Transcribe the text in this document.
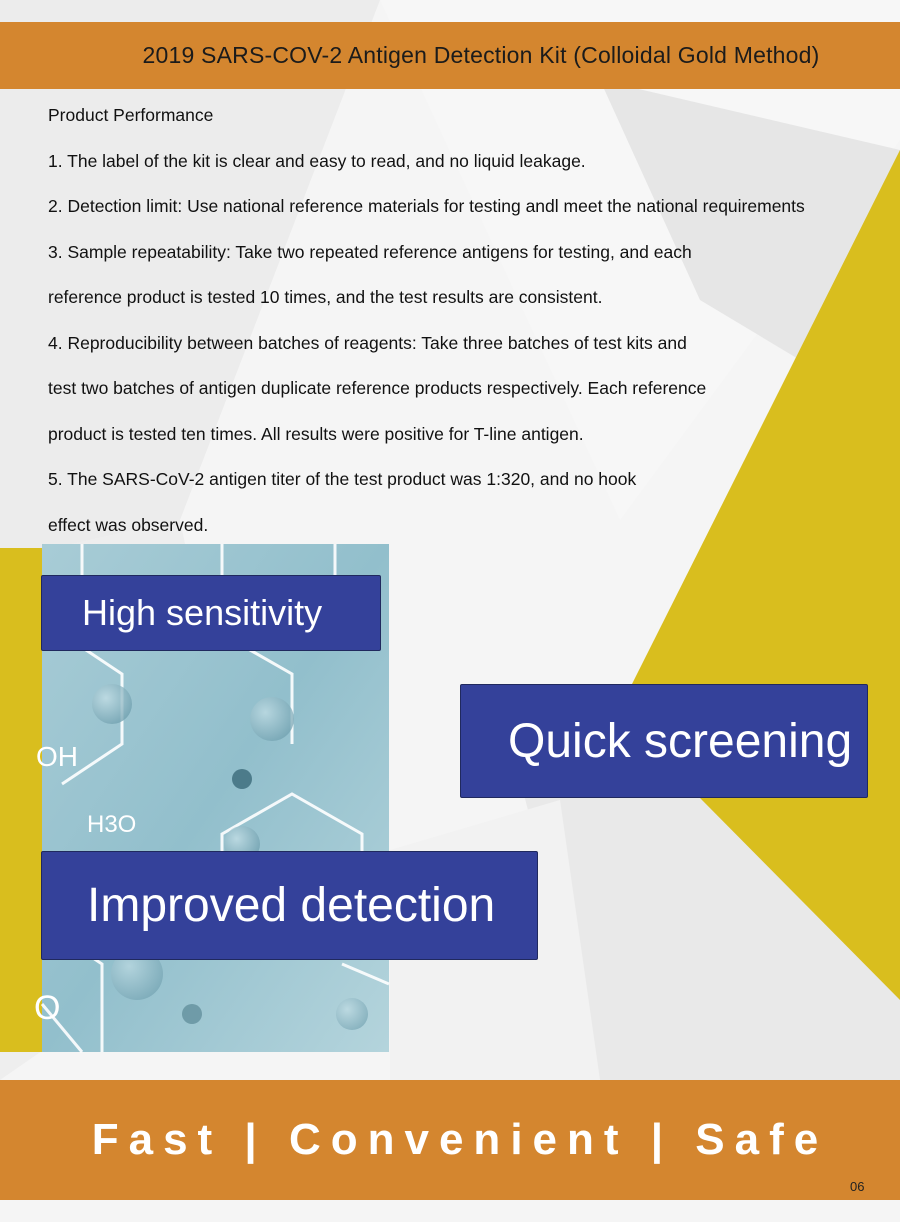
2019 SARS-COV-2 Antigen Detection Kit (Colloidal Gold Method)
Product Performance
1. The label of the kit is clear and easy to read, and no liquid leakage.
2. Detection limit: Use national reference materials for testing andl meet the national requirements
3. Sample repeatability: Take two repeated reference antigens for testing, and each
reference product is tested 10 times, and the test results are consistent.
4. Reproducibility between batches of reagents: Take three batches of test kits and
test two batches of antigen duplicate reference products respectively. Each reference
product is tested ten times. All results were positive for T-line antigen.
5. The SARS-CoV-2 antigen titer of the test product was 1:320, and no hook
effect was observed.
OH
H3O
O
High sensitivity
Quick screening
Improved detection
Fast | Convenient | Safe
06
